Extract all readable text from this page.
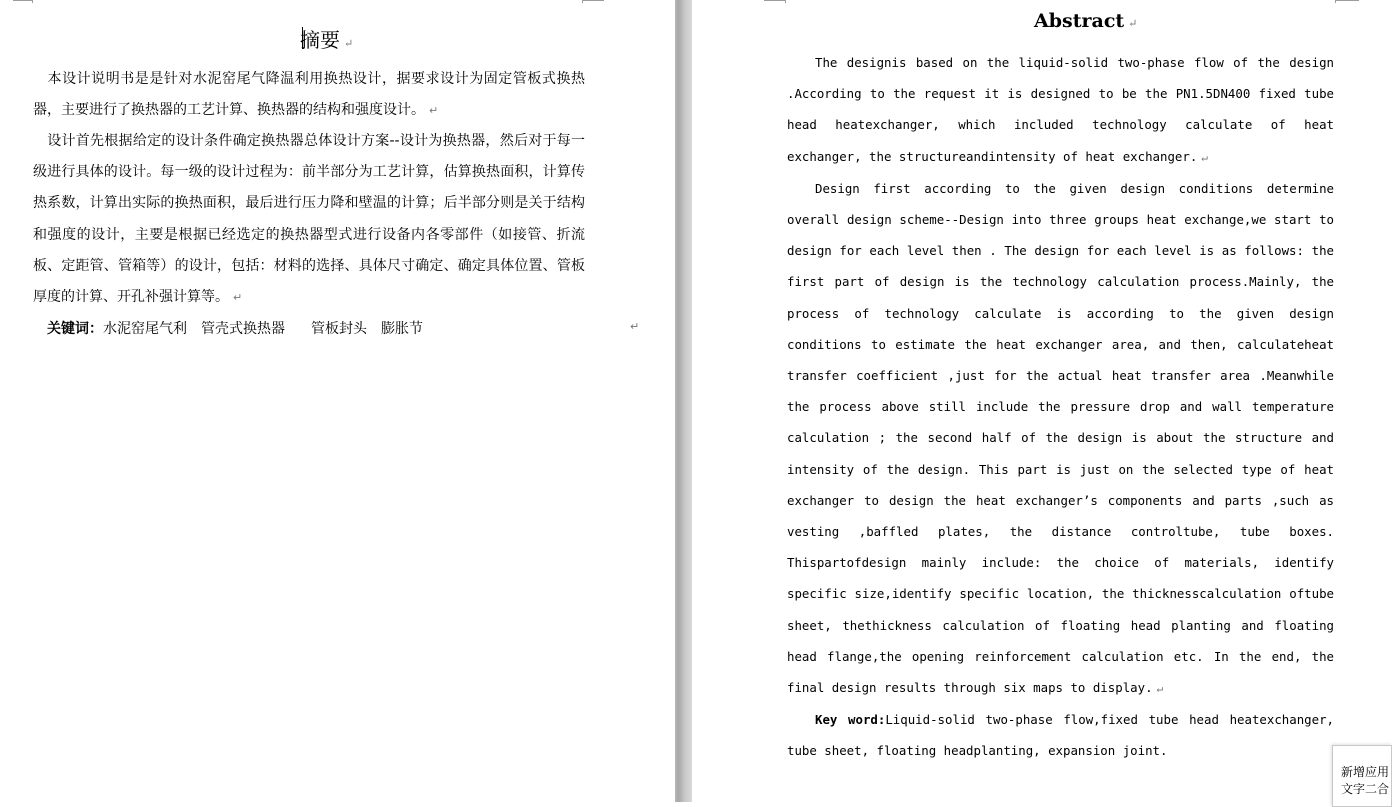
摘要 ↵
本设计说明书是是针对水泥窑尾气降温利用换热设计，据要求设计为固定管板式换热器，主要进行了换热器的工艺计算、换热器的结构和强度设计。 ↵
设计首先根据给定的设计条件确定换热器总体设计方案--设计为换热器，然后对于每一级进行具体的设计。每一级的设计过程为：前半部分为工艺计算，估算换热面积，计算传热系数，计算出实际的换热面积，最后进行压力降和壁温的计算；后半部分则是关于结构和强度的设计，主要是根据已经选定的换热器型式进行设备内各零部件（如接管、折流板、定距管、管箱等）的设计，包括：材料的选择、具体尺寸确定、确定具体位置、管板厚度的计算、开孔补强计算等。 ↵
关键词：水泥窑尾气利 管壳式换热器 管板封头 膨胀节	↵
Abstract ↵

The designis based on the liquid-solid two-phase flow of the design .According to the request it is designed to be the PN1.5DN400 fixed tube head heatexchanger, which included technology calculate of heat exchanger, the structureandintensity of heat exchanger. ↵

Design first according to the given design conditions determine overall design scheme--Design into three groups heat exchange,we start to design for each level then . The design for each level is as follows: the first part of design is the technology calculation process.Mainly, the process of technology calculate is according to the given design conditions to estimate the heat exchanger area, and then, calculateheat transfer coefficient ,just for the actual heat transfer area .Meanwhile the process above still include the pressure drop and wall temperature calculation ; the second half of the design is about the structure and intensity of the design. This part is just on the selected type of heat exchanger to design the heat exchanger’s components and parts ,such as vesting ,baffled plates, the distance controltube, tube boxes. Thispartofdesign mainly include: the choice of materials, identify specific size,identify specific location, the thicknesscalculation oftube sheet, thethickness calculation of floating head planting and floating head flange,the opening reinforcement calculation etc. In the end, the final design results through six maps to display. ↵

Key word:Liquid-solid two-phase flow,fixed tube head heatexchanger, tube sheet, floating headplanting, expansion joint.

新增应用
文字二合
